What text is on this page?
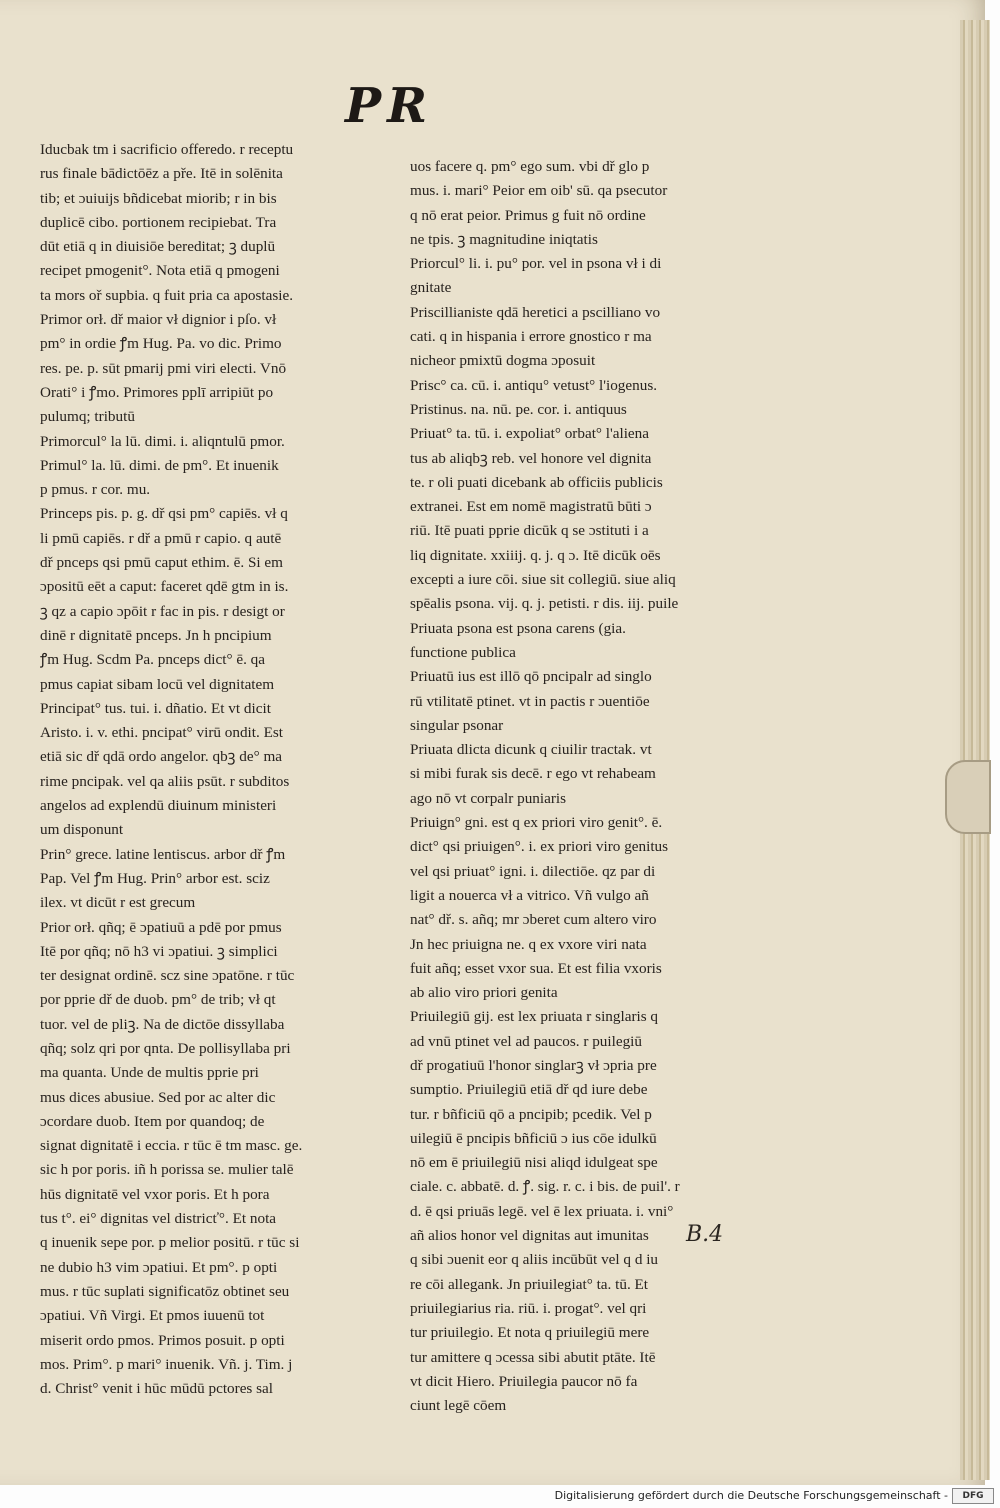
PR
Iducbak tm i sacrificio offeredo. r receptu
rus finale bādictōēz a pře. Itē in solēnita
tib; et ɔuiuijs bñdicebat miorib; r in bis
duplicē cibo. portionem recipiebat. Tra
dūt etiā q in diuisiōe bereditat; ꝫ duplū
recipet pmogenit°. Nota etiā q pmogeni
ta mors oř supbia. q fuit pria ca apostasie.
Primor orł. dř maior vł dignior i pſo. vł
pm° in ordie ꝭm Hug. Pa. vo dic. Primo
res. pe. p. sūt pmarij pmi viri electi. Vnō
Orati° i ꝭmo. Primores pplī arripiūt po
pulumq; tributū
Primorcul° la lū. dimi. i. aliqntulū pmor.
Primul° la. lū. dimi. de pm°. Et inuenik
p pmus. r cor. mu.
Princeps pis. p. g. dř qsi pm° capiēs. vł q
li pmū capiēs. r dř a pmū r capio. q autē
dř pnceps qsi pmū caput ethim. ē. Si em
ɔpositū eēt a caput: faceret qdē gtm in is.
ꝫ qz a capio ɔpōit r fac in pis. r desigt or
dinē r dignitatē pnceps. Jn h pncipium
ꝭm Hug. Scdm Pa. pnceps dict° ē. qa
pmus capiat sibam locū vel dignitatem
Principat° tus. tui. i. dñatio. Et vt dicit
Aristo. i. v. ethi. pncipat° virū ondit. Est
etiā sic dř qdā ordo angelor. qbꝫ de° ma
rime pncipak. vel qa aliis psūt. r subditos
angelos ad explendū diuinum ministeri
um disponunt
Prin° grece. latine lentiscus. arbor dř ꝭm
Pap. Vel ꝭm Hug. Prin° arbor est. sciz
ilex. vt dicūt r est grecum
Prior orł. qñq; ē ɔpatiuū a pdē por pmus
Itē por qñq; nō h3 vi ɔpatiui. ꝫ simplici
ter designat ordinē. scz sine ɔpatōne. r tūc
por pprie dř de duob. pm° de trib; vł qt
tuor. vel de pliꝫ. Na de dictōe dissyllaba
qñq; solz qri por qnta. De pollisyllaba pri
ma quanta. Unde de multis pprie pri
mus dices abusiue. Sed por ac alter dic
ɔcordare duob. Item por quandoq; de
signat dignitatē i eccia. r tūc ē tm masc. ge.
sic h por poris. iñ h porissa se. mulier talē
hūs dignitatē vel vxor poris. Et h pora
tus t°. ei° dignitas vel districť°. Et nota
q inuenik sepe por. p melior positū. r tūc si
ne dubio h3 vim ɔpatiui. Et pm°. p opti
mus. r tūc suplati significatōz obtinet seu
ɔpatiui. Vñ Virgi. Et pmos iuuenū tot
miserit ordo pmos. Primos posuit. p opti
mos. Prim°. p mari° inuenik. Vñ. j. Tim. j
d. Christ° venit i hūc mūdū pctores sal
uos facere q. pm° ego sum. vbi dř glo p
mus. i. mari° Peior em oib' sū. qa psecutor
q nō erat peior. Primus g fuit nō ordine
ne tpis. ꝫ magnitudine iniqtatis
Priorcul° li. i. pu° por. vel in psona vł i di
gnitate
Priscillianiste qdā heretici a pscilliano vo
cati. q in hispania i errore gnostico r ma
nicheor pmixtū dogma ɔposuit
Prisc° ca. cū. i. antiqu° vetust° l'iogenus.
Pristinus. na. nū. pe. cor. i. antiquus
Priuat° ta. tū. i. expoliat° orbat° l'aliena
tus ab aliqbꝫ reb. vel honore vel dignita
te. r oli puati dicebank ab officiis publicis
extranei. Est em nomē magistratū būti ɔ
riū. Itē puati pprie dicūk q se ɔstituti i a
liq dignitate. xxiiij. q. j. q ɔ. Itē dicūk oēs
excepti a iure cōi. siue sit collegiū. siue aliq
spēalis psona. vij. q. j. petisti. r dis. iij. puile
Priuata psona est psona carens (gia.
functione publica
Priuatū ius est illō qō pncipalr ad singlo
rū vtilitatē ptinet. vt in pactis r ɔuentiōe
singular psonar
Priuata dlicta dicunk q ciuilir tractak. vt
si mibi furak sis decē. r ego vt rehabeam
ago nō vt corpalr puniaris
Priuign° gni. est q ex priori viro genit°. ē.
dict° qsi priuigen°. i. ex priori viro genitus
vel qsi priuat° igni. i. dilectiōe. qz par di
ligit a nouerca vł a vitrico. Vñ vulgo añ
nat° dř. s. añq; mr ɔberet cum altero viro
Jn hec priuigna ne. q ex vxore viri nata
fuit añq; esset vxor sua. Et est filia vxoris
ab alio viro priori genita
Priuilegiū gij. est lex priuata r singlaris q
ad vnū ptinet vel ad paucos. r puilegiū
dř progatiuū l'honor singlarꝫ vł ɔpria pre
sumptio. Priuilegiū etiā dř qd iure debe
tur. r bñficiū qō a pncipib; pcedik. Vel p
uilegiū ē pncipis bñficiū ɔ ius cōe idulkū
nō em ē priuilegiū nisi aliqd idulgeat spe
ciale. c. abbatē. d. ꝭ. sig. r. c. i bis. de puil'. r
d. ē qsi priuās legē. vel ē lex priuata. i. vni°
añ alios honor vel dignitas aut imunitas
q sibi ɔuenit eor q aliis incūbūt vel q d iu
re cōi allegank. Jn priuilegiat° ta. tū. Et
priuilegiarius ria. riū. i. progat°. vel qri
tur priuilegio. Et nota q priuilegiū mere
tur amittere q ɔcessa sibi abutit ptāte. Itē
vt dicit Hiero. Priuilegia paucor nō fa
ciunt legē cōem
B.4
Digitalisierung gefördert durch die Deutsche Forschungsgemeinschaft -	DFG
